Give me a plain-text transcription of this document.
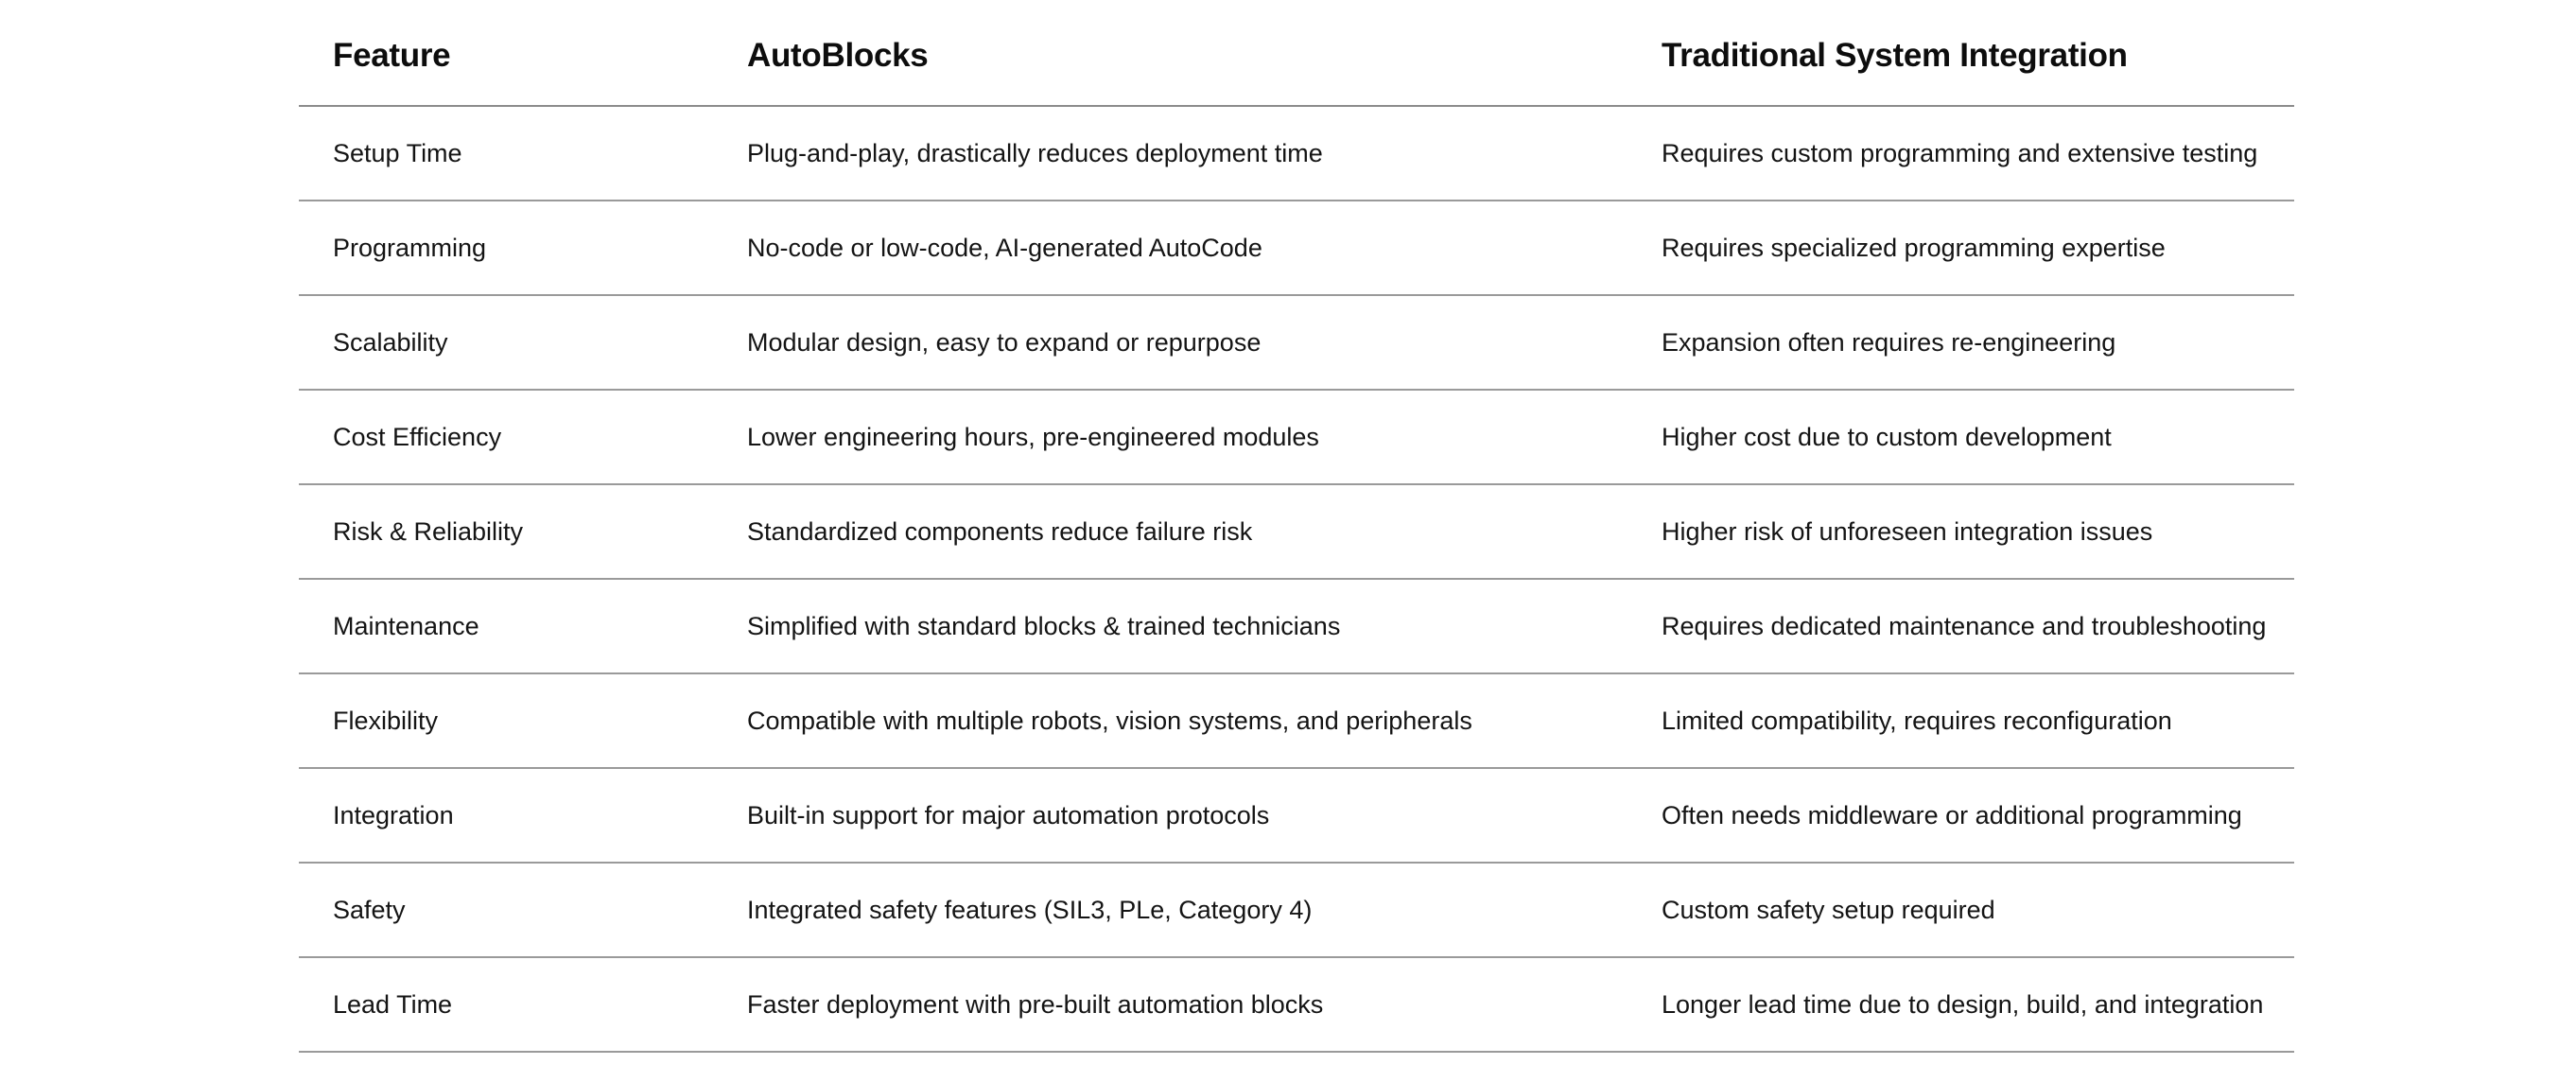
Feature	AutoBlocks	Traditional System Integration
Setup Time	Plug-and-play, drastically reduces deployment time	Requires custom programming and extensive testing
Programming	No-code or low-code, AI-generated AutoCode	Requires specialized programming expertise
Scalability	Modular design, easy to expand or repurpose	Expansion often requires re-engineering
Cost Efficiency	Lower engineering hours, pre-engineered modules	Higher cost due to custom development
Risk & Reliability	Standardized components reduce failure risk	Higher risk of unforeseen integration issues
Maintenance	Simplified with standard blocks & trained technicians	Requires dedicated maintenance and troubleshooting
Flexibility	Compatible with multiple robots, vision systems, and peripherals	Limited compatibility, requires reconfiguration
Integration	Built-in support for major automation protocols	Often needs middleware or additional programming
Safety	Integrated safety features (SIL3, PLe, Category 4)	Custom safety setup required
Lead Time	Faster deployment with pre-built automation blocks	Longer lead time due to design, build, and integration
